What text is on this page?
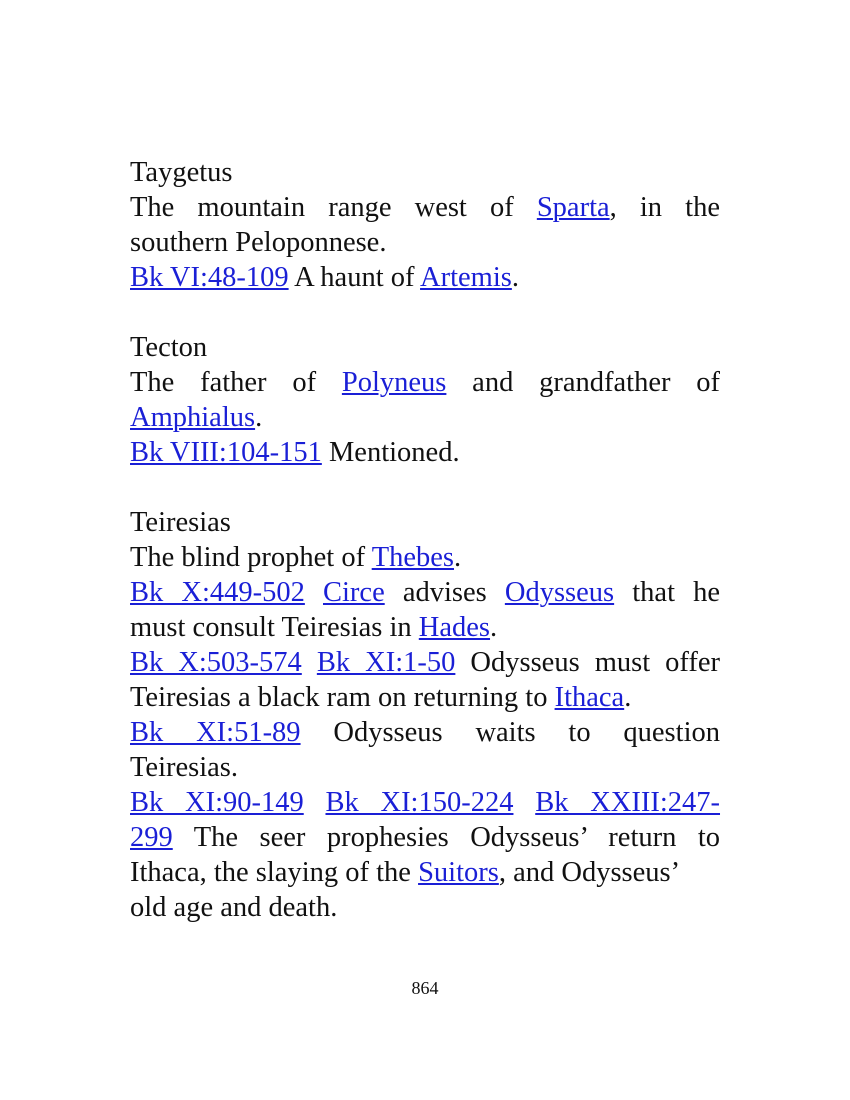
Taygetus
The mountain range west of Sparta, in the
southern Peloponnese.
Bk VI:48-109 A haunt of Artemis.
Tecton
The father of Polyneus and grandfather of
Amphialus.
Bk VIII:104-151 Mentioned.
Teiresias
The blind prophet of Thebes.
Bk X:449-502 Circe advises Odysseus that he
must consult Teiresias in Hades.
Bk X:503-574 Bk XI:1-50 Odysseus must offer
Teiresias a black ram on returning to Ithaca.
Bk XI:51-89 Odysseus waits to question
Teiresias.
Bk XI:90-149 Bk XI:150-224 Bk XXIII:247-
299 The seer prophesies Odysseus’ return to
Ithaca, the slaying of the Suitors, and Odysseus’
old age and death.
864
